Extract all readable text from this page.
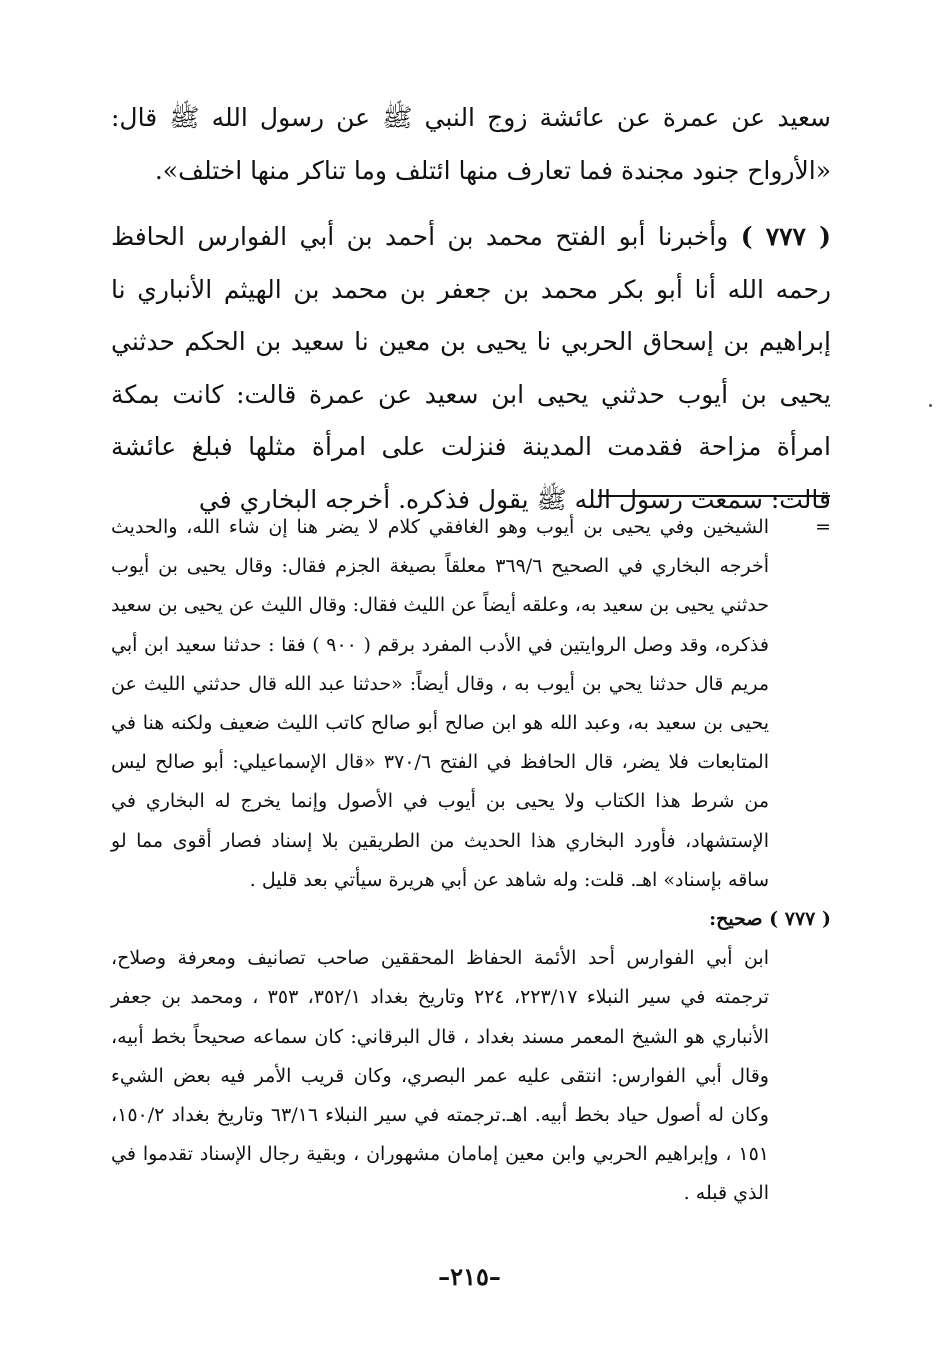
سعيد عن عمرة عن عائشة زوج النبي ﷺ عن رسول الله ﷺ قال: «الأرواح جنود مجندة فما تعارف منها ائتلف وما تناكر منها اختلف».

( ٧٧٧ ) وأخبرنا أبو الفتح محمد بن أحمد بن أبي الفوارس الحافظ رحمه الله أنا أبو بكر محمد بن جعفر بن محمد بن الهيثم الأنباري نا إبراهيم بن إسحاق الحربي نا يحيى بن معين نا سعيد بن الحكم حدثني يحيى بن أيوب حدثني يحيى ابن سعيد عن عمرة قالت: كانت بمكة امرأة مزاحة فقدمت المدينة فنزلت على امرأة مثلها فبلغ عائشة قالت: سمعت رسول الله ﷺ يقول فذكره. أخرجه البخاري في

=
الشيخين وفي يحيى بن أيوب وهو الغافقي كلام لا يضر هنا إن شاء الله، والحديث أخرجه البخاري في الصحيح ٣٦٩/٦ معلقاً بصيغة الجزم فقال: وقال يحيى بن أيوب حدثني يحيى بن سعيد به، وعلقه أيضاً عن الليث فقال: وقال الليث عن يحيى بن سعيد فذكره، وقد وصل الروايتين في الأدب المفرد برقم ( ٩٠٠ ) فقا : حدثنا سعيد ابن أبي مريم قال حدثنا يحي بن أيوب به ، وقال أيضاً: «حدثنا عبد الله قال حدثني الليث عن يحيى بن سعيد به، وعبد الله هو ابن صالح أبو صالح كاتب الليث ضعيف ولكنه هنا في المتابعات فلا يضر، قال الحافظ في الفتح ٣٧٠/٦ «قال الإسماعيلي: أبو صالح ليس من شرط هذا الكتاب ولا يحيى بن أيوب في الأصول وإنما يخرج له البخاري في الإستشهاد، فأورد البخاري هذا الحديث من الطريقين بلا إسناد فصار أقوى مما لو ساقه بإسناد» اهـ. قلت: وله شاهد عن أبي هريرة سيأتي بعد قليل .
( ٧٧٧ ) صحيح:
ابن أبي الفوارس أحد الأئمة الحفاظ المحققين صاحب تصانيف ومعرفة وصلاح، ترجمته في سير النبلاء ٢٢٣/١٧، ٢٢٤ وتاريخ بغداد ٣٥٢/١، ٣٥٣ ، ومحمد بن جعفر الأنباري هو الشيخ المعمر مسند بغداد ، قال البرقاني: كان سماعه صحيحاً بخط أبيه، وقال أبي الفوارس: انتقى عليه عمر البصري، وكان قريب الأمر فيه بعض الشيء وكان له أصول حياد بخط أبيه. اهـ.ترجمته في سير النبلاء ٦٣/١٦ وتاريخ بغداد ١٥٠/٢، ١٥١ ، وإبراهيم الحربي وابن معين إمامان مشهوران ، وبقية رجال الإسناد تقدموا في الذي قبله .
–٢١٥–
